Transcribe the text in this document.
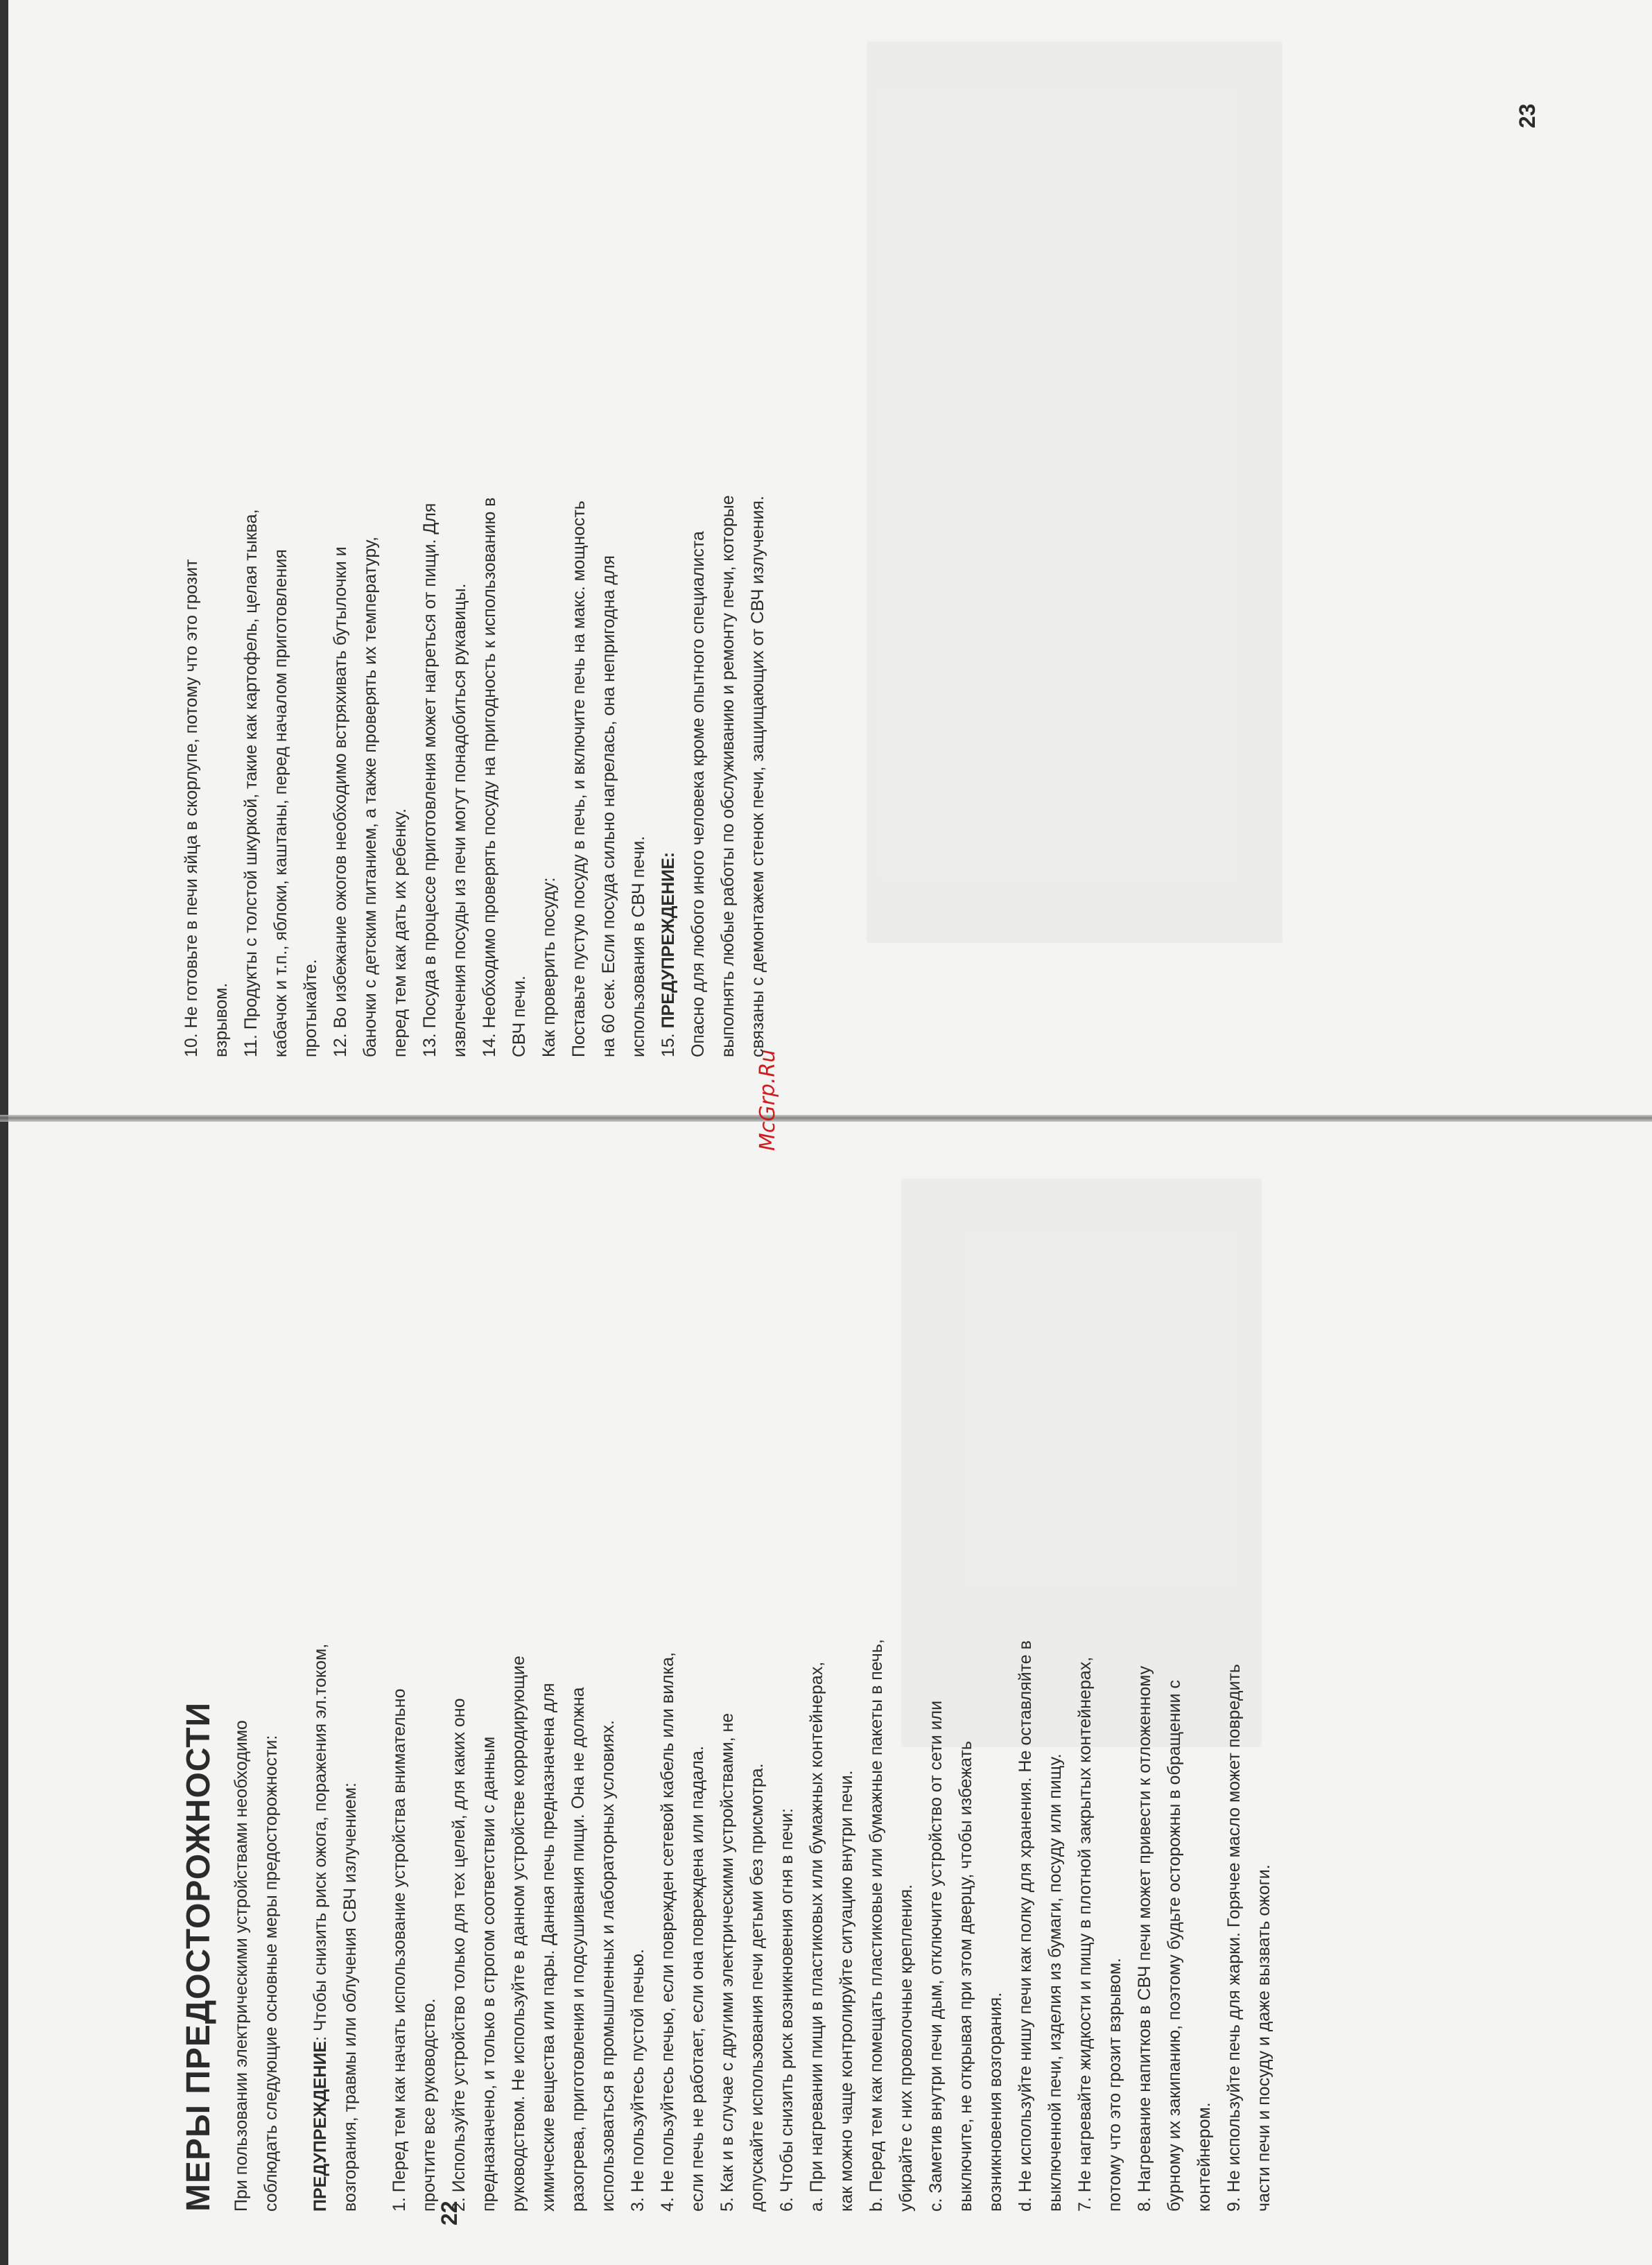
МЕРЫ ПРЕДОСТОРОЖНОСТИ При пользовании электрическими устройствами необходимо соблюдать следующие основные меры предосторожности:	ПРЕДУПРЕЖДЕНИЕ: Чтобы снизить риск ожога, поражения эл.током, возгорания, травмы или облучения СВЧ излучением:	1. Перед тем как начать использование устройства внимательно прочтите все руководство. 2. Используйте устройство только для тех целей, для каких оно предназначено, и только в строгом соответствии с данным руководством. Не используйте в данном устройстве корродирующие химические вещества или пары. Данная печь предназначена для разогрева, приготовления и подсушивания пищи. Она не должна использоваться в промышленных и лабораторных условиях. 3. Не пользуйтесь пустой печью. 4. Не пользуйтесь печью, если поврежден сетевой кабель или вилка, если печь не работает, если она повреждена или падала. 5. Как и в случае с другими электрическими устройствами, не допускайте использования печи детьми без присмотра. 6. Чтобы снизить риск возникновения огня в печи: a. При нагревании пищи в пластиковых или бумажных контейнерах, как можно чаще контролируйте ситуацию внутри печи. b. Перед тем как помещать пластиковые или бумажные пакеты в печь, убирайте с них проволочные крепления. c. Заметив внутри печи дым, отключите устройство от сети или выключите, не открывая при этом дверцу, чтобы избежать возникновения возгорания. d. Не используйте нишу печи как полку для хранения. Не оставляйте в выключенной печи, изделия из бумаги, посуду или пищу. 7. Не нагревайте жидкости и пищу в плотной закрытых контейнерах, потому что это грозит взрывом. 8. Нагревание напитков в СВЧ печи может привести к отложенному бурному их закипанию, поэтому будьте осторожны в обращении с контейнером. 9. Не используйте печь для жарки. Горячее масло может повредить части печи и посуду и даже вызвать ожоги.

10. Не готовьте в печи яйца в скорлупе, потому что это грозит взрывом. 11. Продукты с толстой шкуркой, такие как картофель, целая тыква, кабачок и т.п., яблоки, каштаны, перед началом приготовления протыкайте. 12. Во избежание ожогов необходимо встряхивать бутылочки и баночки с детским питанием, а также проверять их температуру, перед тем как дать их ребенку. 13. Посуда в процессе приготовления может нагреться от пищи. Для извлечения посуды из печи могут понадобиться рукавицы. 14. Необходимо проверять посуду на пригодность к использованию в СВЧ печи. Как проверить посуду: Поставьте пустую посуду в печь, и включите печь на макс. мощность на 60 сек. Если посуда сильно нагрелась, она непригодна для использования в СВЧ печи. 15. ПРЕДУПРЕЖДЕНИЕ: Опасно для любого иного человека кроме опытного специалиста выполнять любые работы по обслуживанию и ремонту печи, которые связаны с демонтажем стенок печи, защищающих от СВЧ излучения.

22
23
McGrp.Ru
